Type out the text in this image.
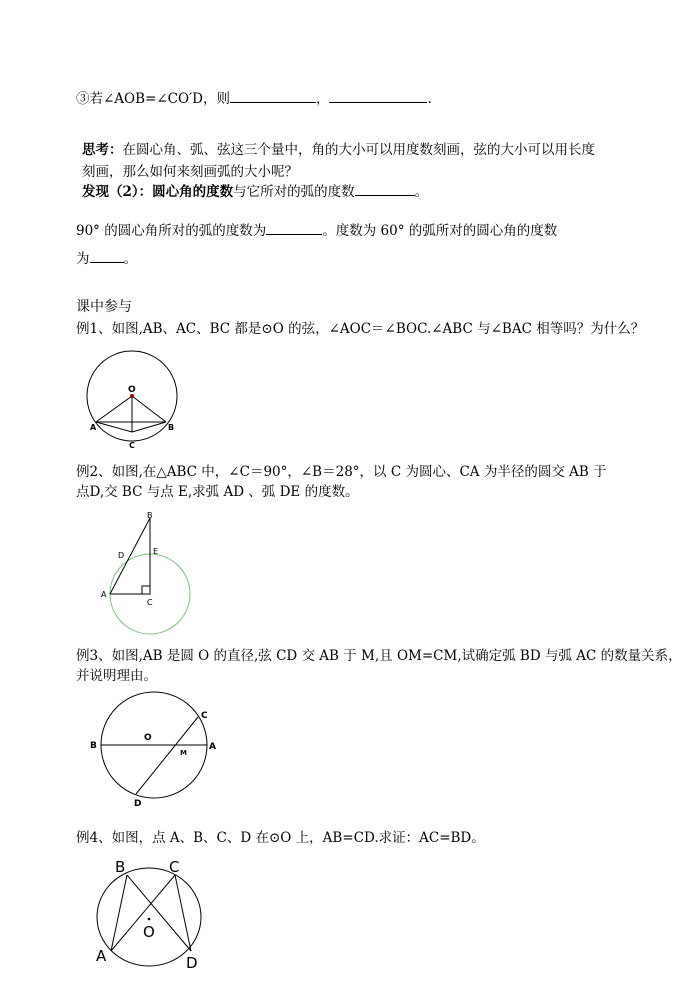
③若∠AOB=∠CO′D，则	，	.
思考：在圆心角、弧、弦这三个量中，角的大小可以用度数刻画，弦的大小可以用长度
刻画，那么如何来刻画弧的大小呢？
发现（2）：圆心角的度数与它所对的弧的度数	。
90° 的圆心角所对的弧的度数为	。度数为 60° 的弧所对的圆心角的度数
为	。
课中参与
例1、如图,AB、AC、BC 都是⊙O 的弦，∠AOC＝∠BOC.∠ABC 与∠BAC 相等吗？为什么？
O
A	B
C
例2、如图,在△ABC 中，∠C＝90°，∠B＝28°，以 C 为圆心、CA 为半径的圆交 AB 于
点D,交 BC 与点 E,求弧 AD 、弧 DE 的度数。
B
E
D
A
C
例3、如图,AB 是圆 O 的直径,弦 CD 交 AB 于 M,且 OM=CM,试确定弧 BD 与弧 AC 的数量关系，
并说明理由。
B
O
M
A
C
D
例4、如图，点 A、B、C、D 在⊙O 上，AB=CD.求证：AC=BD。
B	C
O
A	D
